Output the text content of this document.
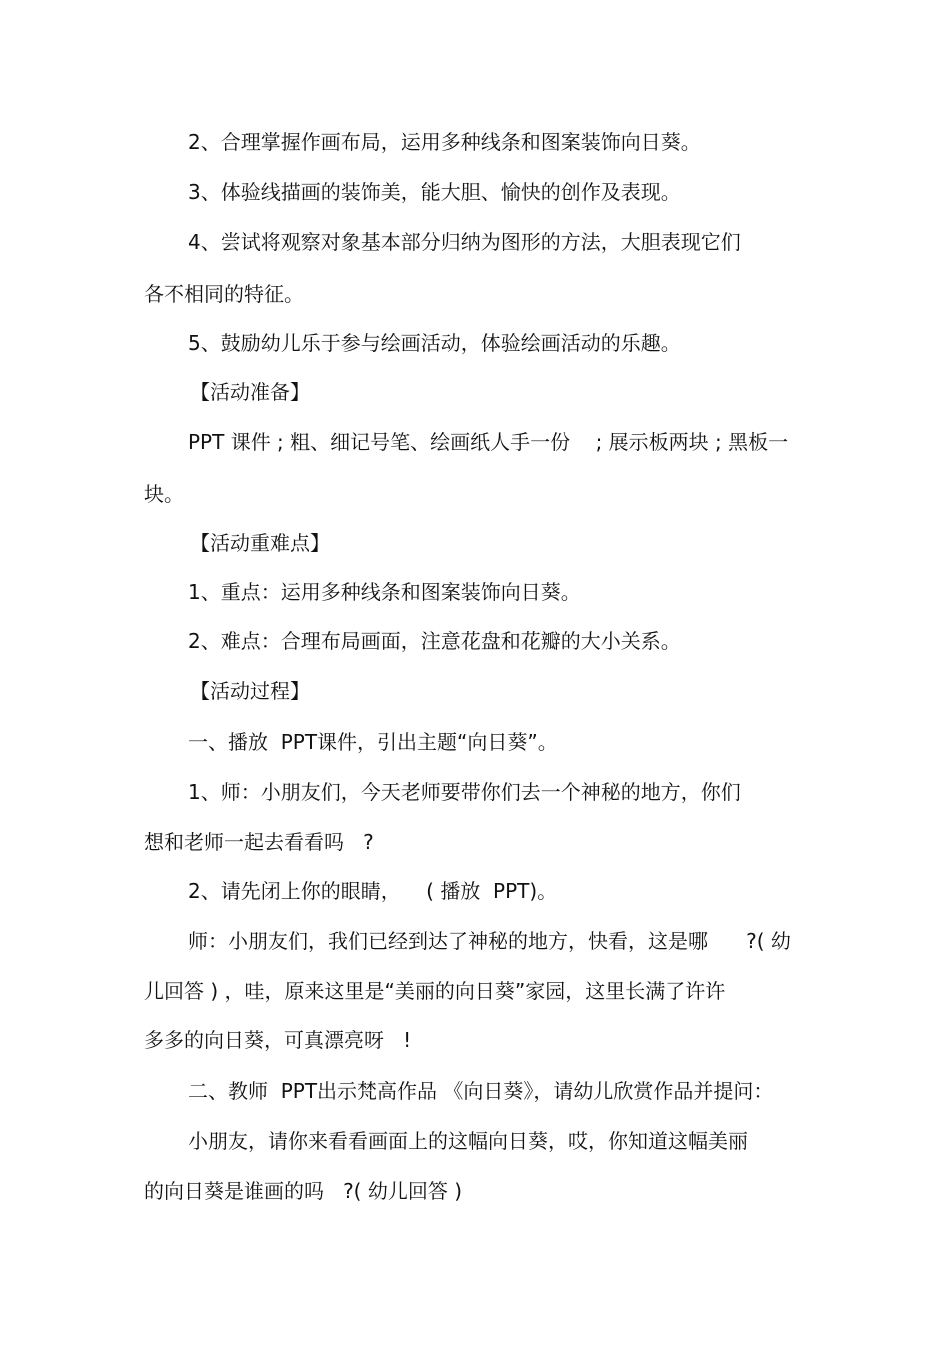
2、合理掌握作画布局，运用多种线条和图案装饰向日葵。
3、体验线描画的装饰美，能大胆、愉快的创作及表现。
4、尝试将观察对象基本部分归纳为图形的方法，大胆表现它们
各不相同的特征。
5、鼓励幼儿乐于参与绘画活动，体验绘画活动的乐趣。
【活动准备】
PPT 课件 ; 粗、细记号笔、绘画纸人手一份    ; 展示板两块 ; 黑板一
块。
【活动重难点】
1、重点：运用多种线条和图案装饰向日葵。
2、难点：合理布局画面，注意花盘和花瓣的大小关系。
【活动过程】
一、播放  PPT课件，引出主题“向日葵”。
1、师：小朋友们，今天老师要带你们去一个神秘的地方，你们
想和老师一起去看看吗   ?
2、请先闭上你的眼睛，    ( 播放  PPT)。
师：小朋友们，我们已经到达了神秘的地方，快看，这是哪      ?( 幼
儿回答 ) ，哇，原来这里是“美丽的向日葵”家园，这里长满了许许
多多的向日葵，可真漂亮呀   !
二、教师  PPT出示梵高作品 《向日葵》，请幼儿欣赏作品并提问：
小朋友，请你来看看画面上的这幅向日葵，哎，你知道这幅美丽
的向日葵是谁画的吗   ?( 幼儿回答 )
